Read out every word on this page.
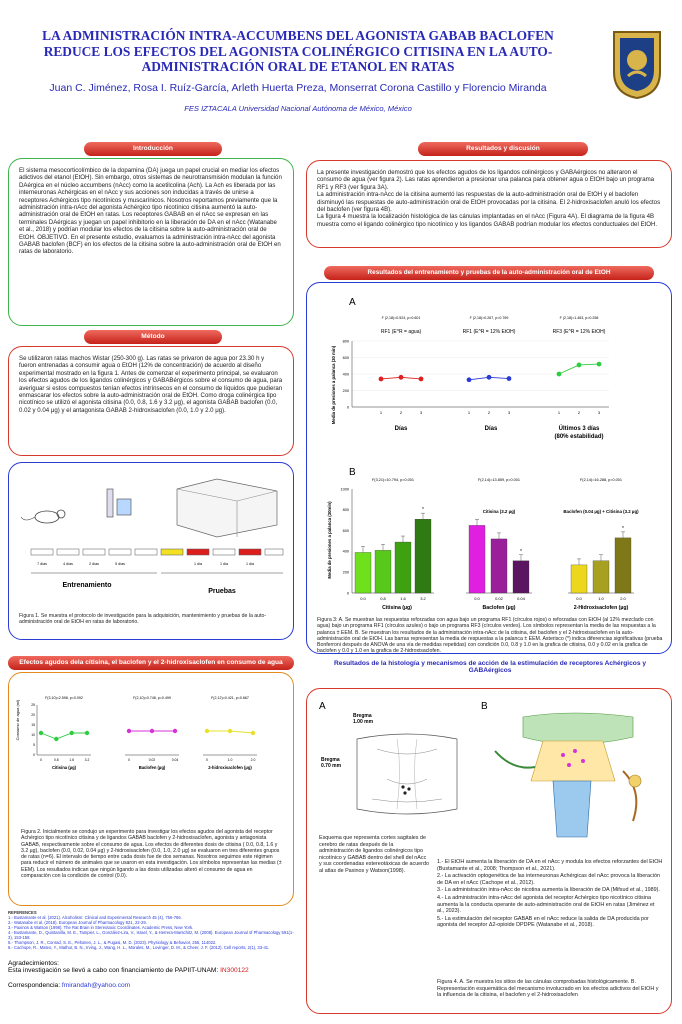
LA ADMINISTRACIÓN INTRA-ACCUMBENS DEL AGONISTA GABAB BACLOFEN REDUCE LOS EFECTOS DEL AGONISTA COLINÉRGICO CITISINA EN LA AUTO-ADMINISTRACIÓN ORAL DE ETANOL EN RATAS
Juan C. Jiménez, Rosa I. Ruíz-García, Arleth Huerta Preza, Monserrat Corona Castillo y Florencio Miranda
FES IZTACALA Universidad Nacional Autónoma de México, México
Introducción
El sistema mesocorticolímbico de la dopamina (DA) juega un papel crucial en mediar los efectos adictivos del etanol (EtOH). Sin embargo, otros sistemas de neurotransmisión modulan la función DAérgica en el núcleo accumbens (nAcc) como la acetilcolina (Ach). La Ach es liberada por las interneuronas Achérgicas en el nAcc y sus acciones son inducidas a través de unirse a receptores Achérgicos tipo nicotínicos y muscarínicos. Nosotros reportamos previamente que la administración intra-nAcc del agonista Achérgico tipo nicotínico citisina aumentó la auto-administración oral de EtOH en ratas. Los receptores GABAB en el nAcc se expresan en las terminales DAérgicas y juegan un papel inhibitorio en la liberación de DA en el nAcc (Watanabe et al., 2018) y podrían modular los efectos de la citisina sobre la auto-administración oral de EtOH. OBJETIVO. En el presente estudio, evaluamos la administración intra-nAcc del agonista GABAB baclofen (BCF) en los efectos de la citisina sobre la auto-administración oral de EtOH en ratas de laboratorio.
Método
Se utilizaron ratas machos Wistar (250-300 g). Las ratas se privaron de agua por 23.30 h y fueron entrenadas a consumir agua o EtOH (12% de concentración) de acuerdo al diseño experimental mostrado en la figura 1. Antes de comenzar el experimento principal, se evaluaron los efectos agudos de los ligandos colinérgicos y GABABérgicos sobre el consumo de agua, para averiguar si estos compuestos tenían efectos intrínsecos en el consumo de líquidos que pudieran enmascarar los efectos sobre la auto-administración oral de EtOH. Como droga colinérgica tipo nicotínico se utilizó el agonista citisina (0.0, 0.8, 1.6 y 3.2 μg), el agonista GABAB baclofen (0.0, 0.02 y 0.04 μg) y el antagonista GABAB 2-hidroxisaclofen (0.0, 1.0 y 2.0 μg).
7 días	4 días	2 días	5 días	1 día	1 día	1 día
Entrenamiento
Pruebas
Figura 1. Se muestra el protocolo de investigación para la adquisición, mantenimiento y pruebas de la auto-administración oral de EtOH en ratas de laboratorio.
Efectos agudos dela citisina, el baclofen y el 2-hidroxisaclofen en consumo de agua
Consumo de agua (ml)
0
5
10
15
20
25
F(3,10)=2.598, p=0.092
0	0.8	1.6	3.2
Citisina (µg)
F(2,10)=0.748, p=0.499
0	0.02	0.04
Baclofen (µg)
F(2,12)=0.421, p=0.667
0	1.0	2.0
2-hidroxisaclofen (µg)
Figura 2. Inicialmente se condujo un experimento para investigar los efectos agudos del agonista del receptor Achérgico tipo nicotínico citisina y de ligandos GABAB baclofen y 2-hidroxisaclofen, agonista y antagonista GABAB, respectivamente sobre el consumo de agua. Los efectos de diferentes dosis de citisina ( 0.0, 0.8, 1.6 y 3.2 µg), baclofen (0.0, 0.02, 0.04 µg) y 2-hidroxisaclofen (0.0, 1.0, 2.0 µg) se evaluaron en tres diferentes grupos de ratas (n=6). El intervalo de tiempo entre cada dosis fue de dos semanas. Nosotros seguimos este régimen para reducir el número de animales que se usaron en esta investigación. Los símbolos representan las medias (± EEM). Los resultados indican que ningún ligando a las dosis utilizadas alteró el consumo de agua en comparación con la condición de control (0.0).
REFERENCES
1.- Bustamante et al. (2021). Alcoholism: Clinical and Experimental Research 45 (4), 756-766.
2.- Watanabe et al. (2018). European Journal of Pharmacology 821, 22-29.
3.- Paxinos & Watson (1998). The Rat Brain in Stereotaxic Coordinates. Academic Press, New York.
4.- Bustamante, D., Quintanilla, M. E., Tampier, L., González-Lira, V., Israel, Y., & Herrera-Marschitz, M. (2008). European Journal of Pharmacology 591(1-3), 153-158.
5.- Thompson, J. R., Conrad, S. E., Peltonen, J. L., & Pugasi, M. D. (2023). Physiology & Behavior, 255, 114022.
6.- Cachope, R., Mateo, Y., Mathur, B. N., Irving, J., Wang, H. L., Morales, M., Lovinger, D. M., & Cheer, J. F. (2012). Cell reports, 2(1), 33-41.
Agradecimientos:
Esta investigación se llevó a cabo con financiamiento de PAPIIT-UNAM: IN300122
Correspondencia: fmirandah@yahoo.com
Resultados y discusión
La presente investigación demostró que los efectos agudos de los ligandos colinérgicos y GABAérgicos no alteraron el consumo de agua (ver figura 2). Las ratas aprendieron a presionar una palanca para obtener agua o EtOH bajo un programa RF1 y RF3 (ver figura 3A).
La administración intra-nAcc de la citisina aumentó las respuestas de la auto-administración oral de EtOH y el baclofen disminuyó las respuestas de auto-administración oral de EtOH provocadas por la citisina. El 2-hidroxisaclofen anuló los efectos del baclofen (ver figura 4B).
La figura 4 muestra la localización histológica de las cánulas implantadas en el nAcc (Figura 4A). El diagrama de la figura 4B muestra como el ligando colinérgico tipo nicotínico y los ligandos GABAB podrían modular los efectos conductuales del EtOH.
Resultados del entrenamiento y pruebas de la auto-administración oral de EtOH
A
Media de presiones a palanca (30 min)
Días	Días	Últimos 3 días
(80% estabilidad)
0
200
400
600
800
F (2,18)=0.524, p=0.601
RF1 (E^R = agua)
1	2	3
F (2,18)=0.267, p=0.769
RF1 (E^R = 12% EtOH)
1	2	3
F (2,18)=1.463, p=0.258
RF3 (E^R = 12% EtOH)
1	2	3
B
Media de presiones a palanca (30min)
Citisina (µg)	Baclofen (µg)	2-Hidroxisaclofen (µg)
Citisina (3.2 µg)	Baclofen (0.04 µg) + Citisina (3.2 µg)
0
200
400
600
800
1000
F(3,21)=10.794, p=0.001
0.0	0.8	1.6
*
3.2
F(2,14)=13.859, p=0.001
0.0	0.02
*
0.04
F(2,14)=16.288, p=0.001
0.0	1.0
*
2.0
Figura 3: A. Se muestran las respuestas reforzadas con agua bajo un programa RF1 (círculos rojos) o reforzadas con EtOH (al 12% mezclado con agua) bajo un programa RF1 (círculos azules) o bajo un programa RF3 (círculos verdes). Los símbolos representan la media de las respuestas a la palanca ± EEM. B. Se muestran los resultados de la administración intra-nAcc de la citisina, del baclofen y el 2-hidroxisaclofen en la auto-administración oral de EtOH. Las barras representan la media de respuestas a la palanca ± EEM. Asterisco (*) indica diferencias significativas (prueba Bonferroni después de ANOVA de una vía de medidas repetidas) con condición 0.0, 0.8 y 1.0 en la grafica de citisina, 0.0 y 0.02 en la grafica de baclofen y 0.0 y 1.0 en la grafica de 2-hidroxisaclofen.
Resultados de la histología y mecanismos de acción de la estimulación de receptores Achérgicos y GABAérgicos
A	B
Bregma
1.00 mm
Bregma
0.70 mm
Esquema que representa cortes sagitales de cerebro de ratas después de la administración de ligandos colinérgicos tipo nicotínico y GABAB dentro del shell del nAcc y sus coordenadas estereotáxicas de acuerdo al atlas de Paxinos y Watson(1998).
1.- El EtOH aumenta la liberación de DA en el nAcc y modula los efectos reforzantes del EtOH (Bustamante et al., 2008; Thompson et al., 2021).
2.- La activación optogenética de las interneuronas Achérgicas del nAcc provoca la liberación de DA en el nAcc (Cachope et al., 2012).
3.- La administración intra-nAcc de nicotina aumenta la liberación de DA (Mifsud et al., 1989).
4.- La administración intra-nAcc del agonista del receptor Achérgico tipo nicotínico citisina aumenta la la conducta operante de auto-administración oral de EtOH en ratas (Jiménez et al., 2023).
5.- La estimulación del receptor GABAB en el nAcc reduce la salida de DA producida por agonista del receptor Δ2-opioide DPDPE (Watanabe et al., 2018).
Figura 4. A. Se muestra los sitios de las cánulas comprobadas histológicamente. B. Representación esquemática del mecanismo involucrado en los efectos adictivos del EtOH y la influencia de la citisina, el baclofen y el 2-hidroxisaclofen
